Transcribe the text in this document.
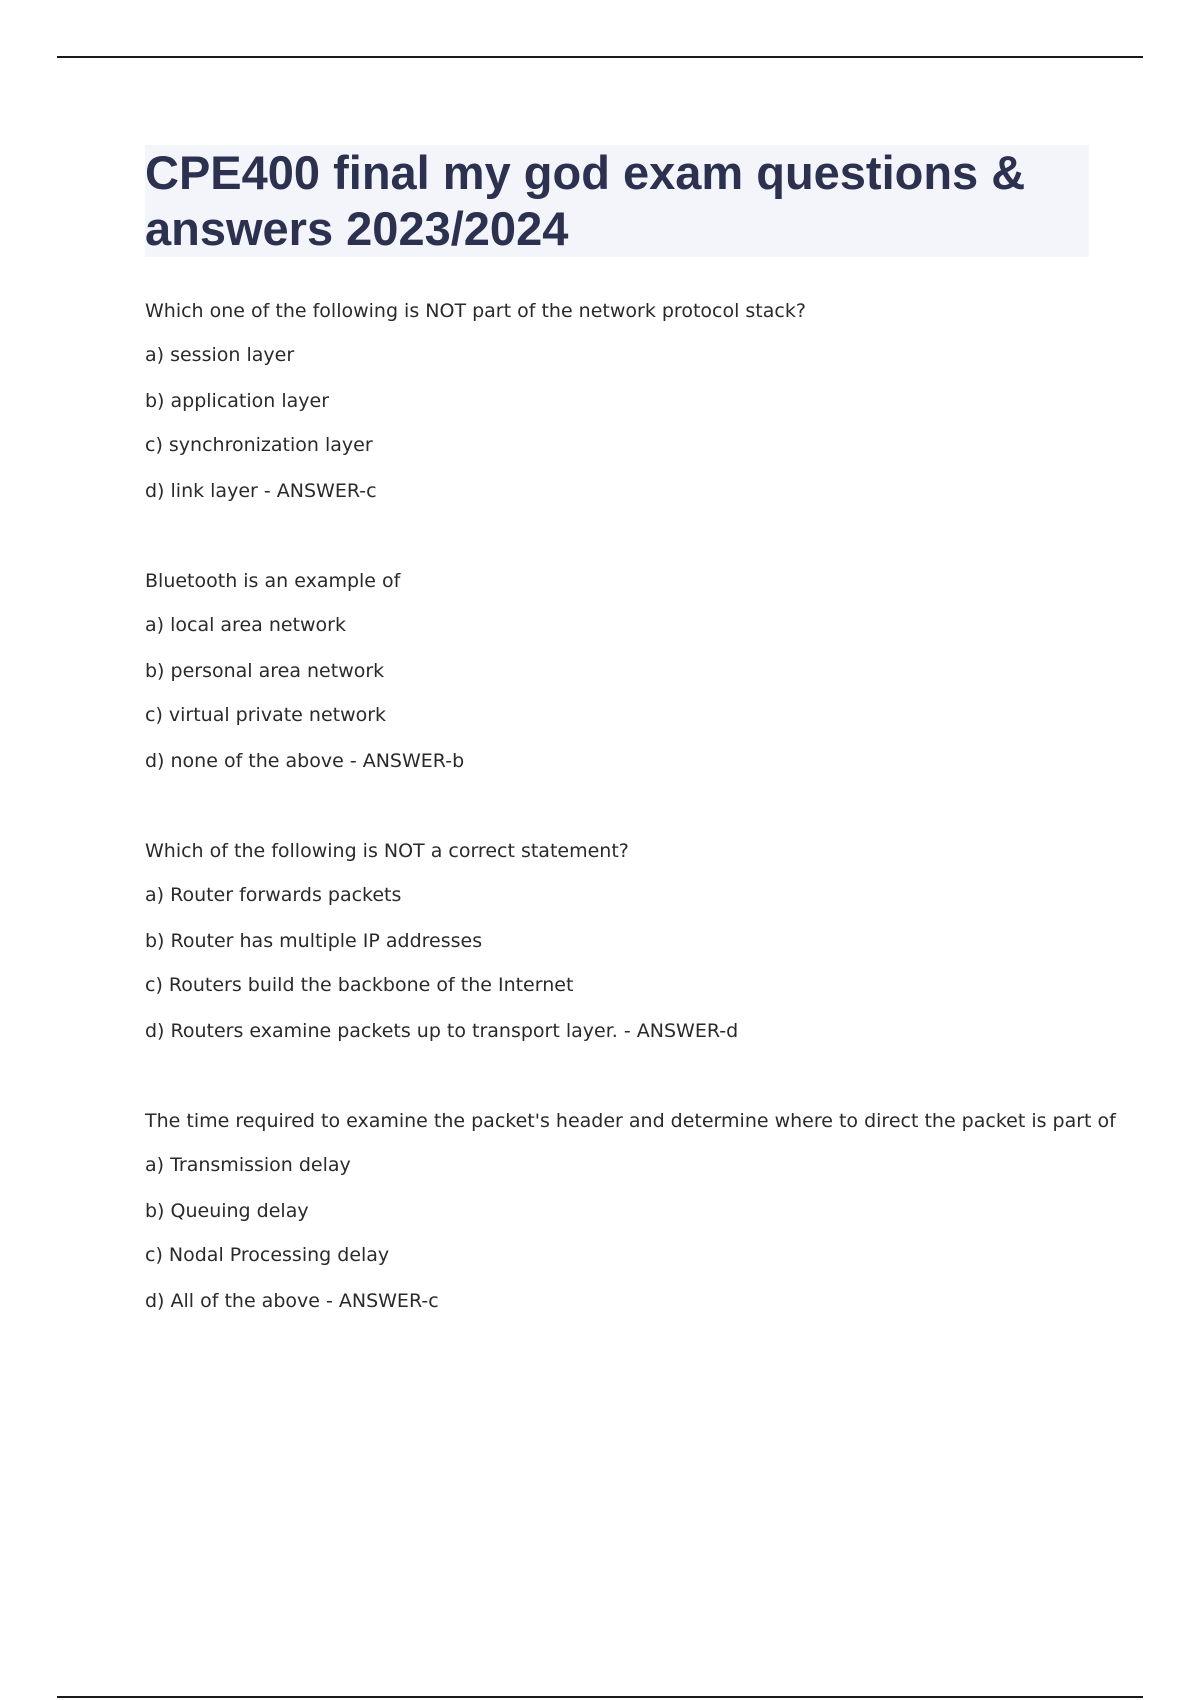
CPE400 final my god exam questions & answers 2023/2024
Which one of the following is NOT part of the network protocol stack?
a) session layer
b) application layer
c) synchronization layer
d) link layer - ANSWER-c
Bluetooth is an example of
a) local area network
b) personal area network
c) virtual private network
d) none of the above - ANSWER-b
Which of the following is NOT a correct statement?
a) Router forwards packets
b) Router has multiple IP addresses
c) Routers build the backbone of the Internet
d) Routers examine packets up to transport layer. - ANSWER-d
The time required to examine the packet's header and determine where to direct the packet is part of
a) Transmission delay
b) Queuing delay
c) Nodal Processing delay
d) All of the above - ANSWER-c
